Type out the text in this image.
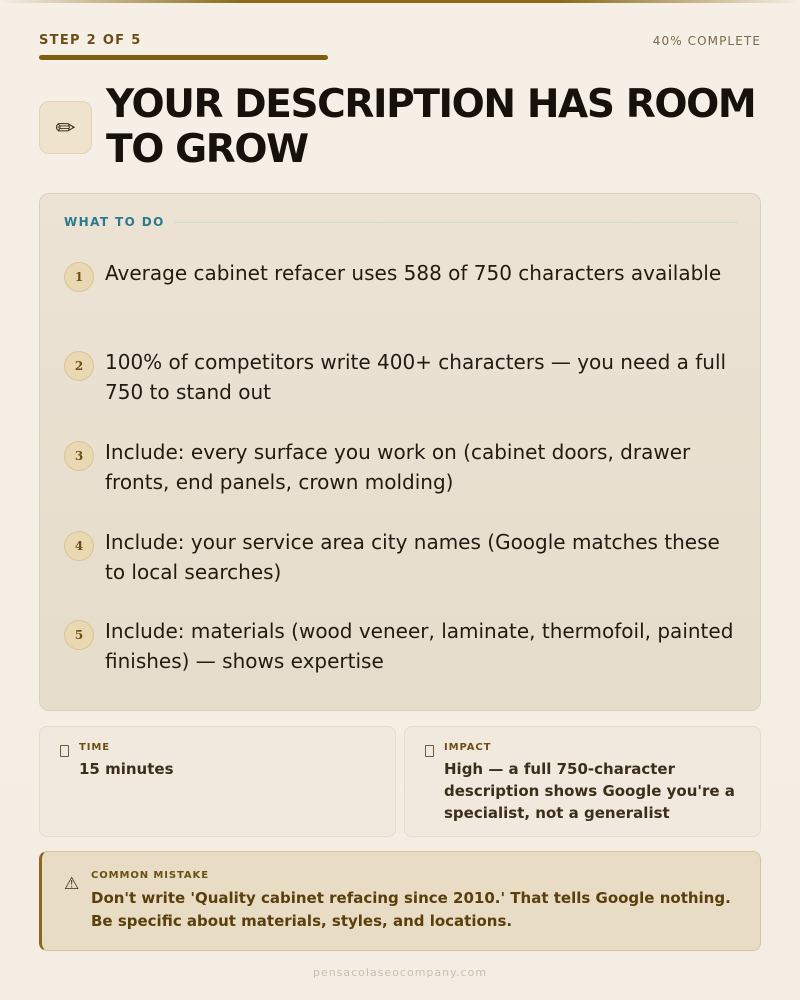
STEP 2 OF 5	40% COMPLETE
✏
YOUR DESCRIPTION HAS ROOM TO GROW
WHAT TO DO
1	Average cabinet refacer uses 588 of 750 characters available
2	100% of competitors write 400+ characters — you need a full 750 to stand out
3	Include: every surface you work on (cabinet doors, drawer fronts, end panels, crown molding)
4	Include: your service area city names (Google matches these to local searches)
5	Include: materials (wood veneer, laminate, thermofoil, painted finishes) — shows expertise
TIME
15 minutes
IMPACT
High — a full 750-character description shows Google you're a specialist, not a generalist
⚠ COMMON MISTAKE
Don't write 'Quality cabinet refacing since 2010.' That tells Google nothing. Be specific about materials, styles, and locations.
pensacolaseocompany.com
